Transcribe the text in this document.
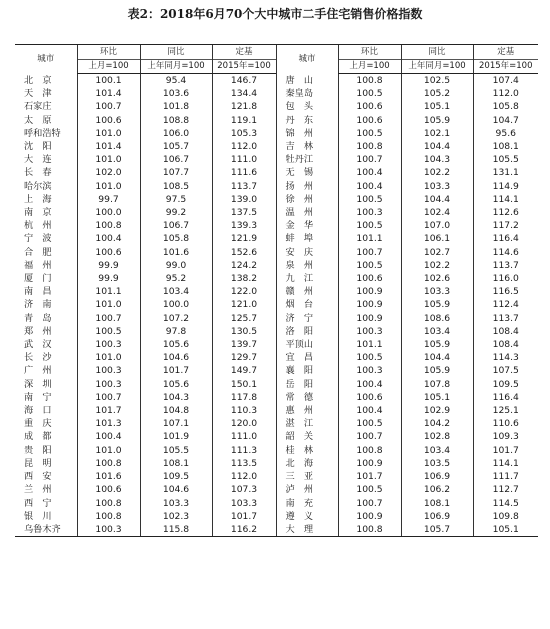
表2：2018年6月70个大中城市二手住宅销售价格指数
城市	环比	同比	定基	城市	环比	同比	定基
	上月=100	上年同月=100	2015年=100		上月=100	上年同月=100	2015年=100
北　京	100.1	95.4	146.7	唐　山	100.8	102.5	107.4
天　津	101.4	103.6	134.4	秦皇岛	100.5	105.2	112.0
石家庄	100.7	101.8	121.8	包　头	100.6	105.1	105.8
太　原	100.6	108.8	119.1	丹　东	100.6	105.9	104.7
呼和浩特	101.0	106.0	105.3	锦　州	100.5	102.1	95.6
沈　阳	101.4	105.7	112.0	吉　林	100.8	104.4	108.1
大　连	101.0	106.7	111.0	牡丹江	100.7	104.3	105.5
长　春	102.0	107.7	111.6	无　锡	100.4	102.2	131.1
哈尔滨	101.0	108.5	113.7	扬　州	100.4	103.3	114.9
上　海	99.7	97.5	139.0	徐　州	100.5	104.4	114.1
南　京	100.0	99.2	137.5	温　州	100.3	102.4	112.6
杭　州	100.8	106.7	139.3	金　华	100.5	107.0	117.2
宁　波	100.4	105.8	121.9	蚌　埠	101.1	106.1	116.4
合　肥	100.6	101.6	152.6	安　庆	100.7	102.7	114.6
福　州	99.9	99.0	124.2	泉　州	100.5	102.2	113.7
厦　门	99.9	95.2	138.2	九　江	100.6	102.6	116.0
南　昌	101.1	103.4	122.0	赣　州	100.9	103.3	116.5
济　南	101.0	100.0	121.0	烟　台	100.9	105.9	112.4
青　岛	100.7	107.2	125.7	济　宁	100.9	108.6	113.7
郑　州	100.5	97.8	130.5	洛　阳	100.3	103.4	108.4
武　汉	100.3	105.6	139.7	平顶山	101.1	105.9	108.4
长　沙	101.0	104.6	129.7	宜　昌	100.5	104.4	114.3
广　州	100.3	101.7	149.7	襄　阳	100.3	105.9	107.5
深　圳	100.3	105.6	150.1	岳　阳	100.4	107.8	109.5
南　宁	100.7	104.3	117.8	常　德	100.6	105.1	116.4
海　口	101.7	104.8	110.3	惠　州	100.4	102.9	125.1
重　庆	101.3	107.1	120.0	湛　江	100.5	104.2	110.6
成　都	100.4	101.9	111.0	韶　关	100.7	102.8	109.3
贵　阳	101.0	105.5	111.3	桂　林	100.8	103.4	101.7
昆　明	100.8	108.1	113.5	北　海	100.9	103.5	114.1
西　安	101.6	109.5	112.0	三　亚	101.7	106.9	111.7
兰　州	100.6	104.6	107.3	泸　州	100.5	106.2	112.7
西　宁	100.8	103.3	103.3	南　充	100.7	108.1	114.5
银　川	100.8	102.3	101.7	遵　义	100.9	106.9	109.8
乌鲁木齐	100.3	115.8	116.2	大　理	100.8	105.7	105.1
